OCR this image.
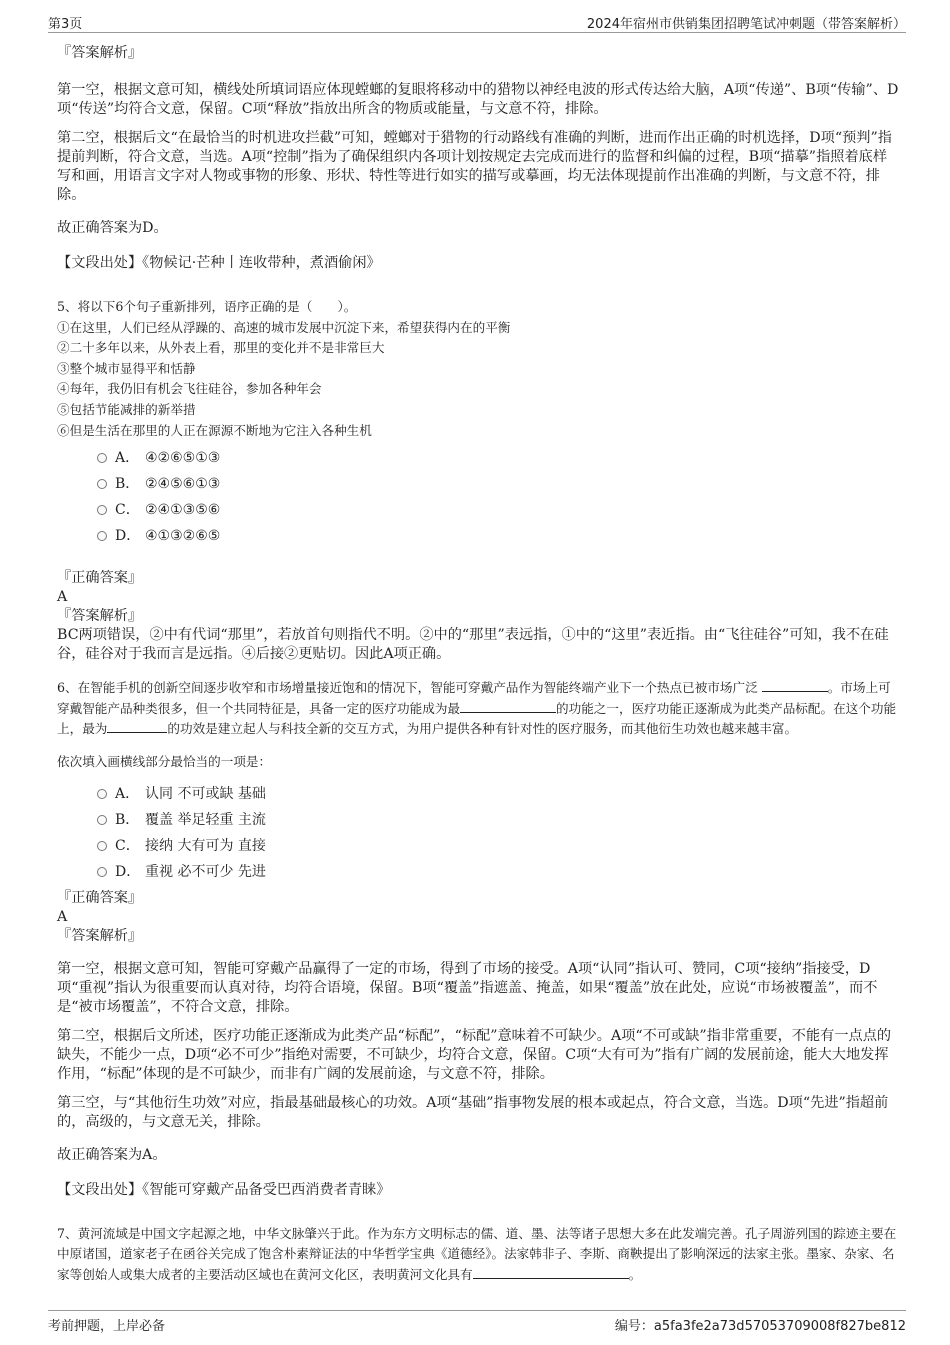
第3页	2024年宿州市供销集团招聘笔试冲刺题（带答案解析）

『答案解析』

第一空，根据文意可知，横线处所填词语应体现螳螂的复眼将移动中的猎物以神经电波的形式传达给大脑，A项“传递”、B项“传输”、D项“传送”均符合文意，保留。C项“释放”指放出所含的物质或能量，与文意不符，排除。

第二空，根据后文“在最恰当的时机进攻拦截”可知，螳螂对于猎物的行动路线有准确的判断，进而作出正确的时机选择，D项“预判”指提前判断，符合文意，当选。A项“控制”指为了确保组织内各项计划按规定去完成而进行的监督和纠偏的过程，B项“描摹”指照着底样写和画，用语言文字对人物或事物的形象、形状、特性等进行如实的描写或摹画，均无法体现提前作出准确的判断，与文意不符，排除。

故正确答案为D。

【文段出处】《物候记·芒种丨连收带种，煮酒偷闲》

5、将以下6个句子重新排列，语序正确的是（　　）。

①在这里，人们已经从浮躁的、高速的城市发展中沉淀下来，希望获得内在的平衡

②二十多年以来，从外表上看，那里的变化并不是非常巨大

③整个城市显得平和恬静

④每年，我仍旧有机会飞往硅谷，参加各种年会

⑤包括节能减排的新举措

⑥但是生活在那里的人正在源源不断地为它注入各种生机

A． ④②⑥⑤①③
B． ②④⑤⑥①③
C． ②④①③⑤⑥
D． ④①③②⑥⑤

『正确答案』

A

『答案解析』

BC两项错误，②中有代词“那里”，若放首句则指代不明。②中的“那里”表远指，①中的“这里”表近指。由“飞往硅谷”可知，我不在硅谷，硅谷对于我而言是远指。④后接②更贴切。因此A项正确。

6、在智能手机的创新空间逐步收窄和市场增量接近饱和的情况下，智能可穿戴产品作为智能终端产业下一个热点已被市场广泛	。市场上可穿戴智能产品种类很多，但一个共同特征是，具备一定的医疗功能成为最	的功能之一，医疗功能正逐渐成为此类产品标配。在这个功能上，最为	的功效是建立起人与科技全新的交互方式，为用户提供各种有针对性的医疗服务，而其他衍生功效也越来越丰富。

依次填入画横线部分最恰当的一项是：

A． 认同 不可或缺 基础
B． 覆盖 举足轻重 主流
C． 接纳 大有可为 直接
D． 重视 必不可少 先进

『正确答案』

A

『答案解析』

第一空，根据文意可知，智能可穿戴产品赢得了一定的市场，得到了市场的接受。A项“认同”指认可、赞同，C项“接纳”指接受，D项“重视”指认为很重要而认真对待，均符合语境，保留。B项“覆盖”指遮盖、掩盖，如果“覆盖”放在此处，应说“市场被覆盖”，而不是“被市场覆盖”，不符合文意，排除。

第二空，根据后文所述，医疗功能正逐渐成为此类产品“标配”，“标配”意味着不可缺少。A项“不可或缺”指非常重要，不能有一点点的缺失，不能少一点，D项“必不可少”指绝对需要，不可缺少，均符合文意，保留。C项“大有可为”指有广阔的发展前途，能大大地发挥作用，“标配”体现的是不可缺少，而非有广阔的发展前途，与文意不符，排除。

第三空，与“其他衍生功效”对应，指最基础最核心的功效。A项“基础”指事物发展的根本或起点，符合文意，当选。D项“先进”指超前的，高级的，与文意无关，排除。

故正确答案为A。

【文段出处】《智能可穿戴产品备受巴西消费者青睐》

7、黄河流域是中国文字起源之地，中华文脉肇兴于此。作为东方文明标志的儒、道、墨、法等诸子思想大多在此发端完善。孔子周游列国的踪迹主要在中原诸国，道家老子在函谷关完成了饱含朴素辩证法的中华哲学宝典《道德经》。法家韩非子、李斯、商鞅提出了影响深远的法家主张。墨家、杂家、名家等创始人或集大成者的主要活动区域也在黄河文化区，表明黄河文化具有	。

考前押题，上岸必备	编号：a5fa3fe2a73d57053709008f827be812
